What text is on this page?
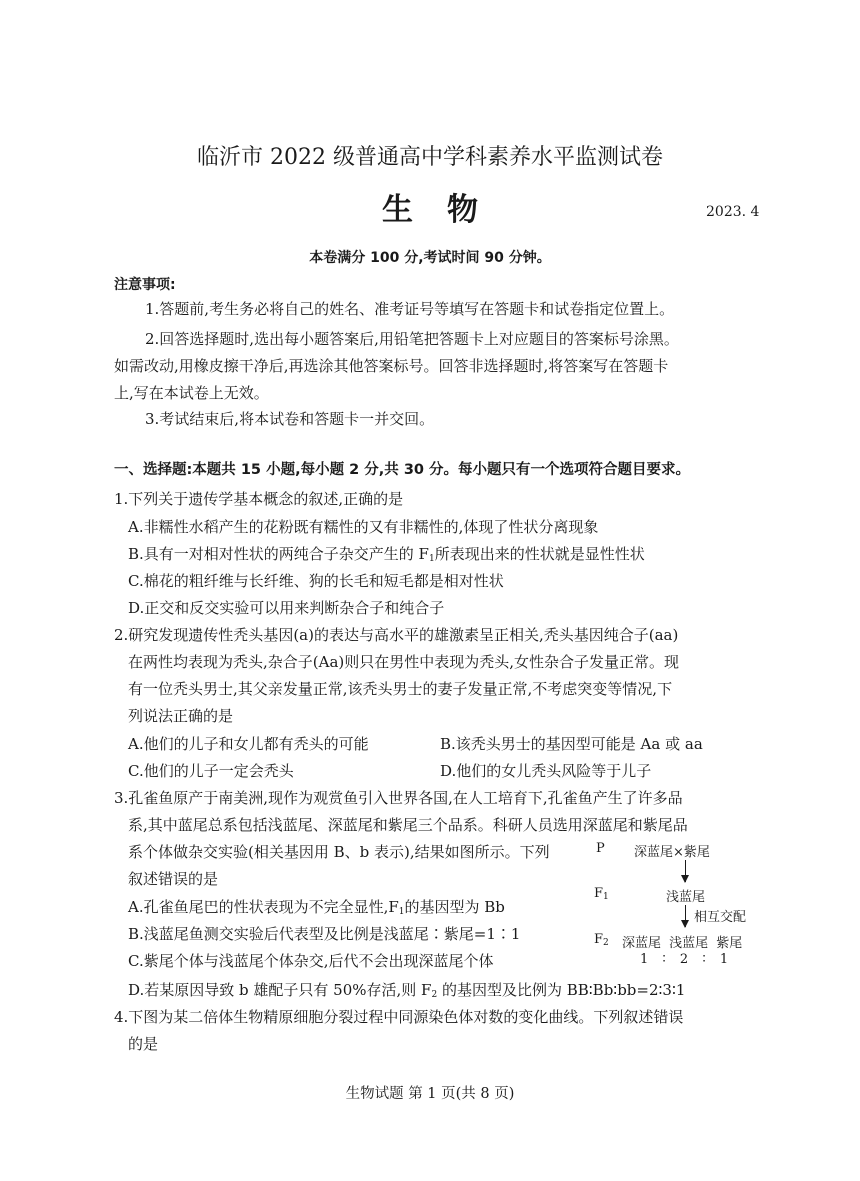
临沂市 2022 级普通高中学科素养水平监测试卷
生物	2023. 4
本卷满分 100 分,考试时间 90 分钟。
注意事项:
1.答题前,考生务必将自己的姓名、准考证号等填写在答题卡和试卷指定位置上。
2.回答选择题时,选出每小题答案后,用铅笔把答题卡上对应题目的答案标号涂黑。
如需改动,用橡皮擦干净后,再选涂其他答案标号。回答非选择题时,将答案写在答题卡
上,写在本试卷上无效。
3.考试结束后,将本试卷和答题卡一并交回。
一、选择题:本题共 15 小题,每小题 2 分,共 30 分。每小题只有一个选项符合题目要求。
1.下列关于遗传学基本概念的叙述,正确的是
A.非糯性水稻产生的花粉既有糯性的又有非糯性的,体现了性状分离现象
B.具有一对相对性状的两纯合子杂交产生的 $F_1$所表现出来的性状就是显性性状
C.棉花的粗纤维与长纤维、狗的长毛和短毛都是相对性状
D.正交和反交实验可以用来判断杂合子和纯合子
2.研究发现遗传性秃头基因(a)的表达与高水平的雄激素呈正相关,秃头基因纯合子(aa)
在两性均表现为秃头,杂合子(Aa)则只在男性中表现为秃头,女性杂合子发量正常。现
有一位秃头男士,其父亲发量正常,该秃头男士的妻子发量正常,不考虑突变等情况,下
列说法正确的是
A.他们的儿子和女儿都有秃头的可能	B.该秃头男士的基因型可能是 Aa 或 aa
C.他们的儿子一定会秃头	D.他们的女儿秃头风险等于儿子
3.孔雀鱼原产于南美洲,现作为观赏鱼引入世界各国,在人工培育下,孔雀鱼产生了许多品
系,其中蓝尾总系包括浅蓝尾、深蓝尾和紫尾三个品系。科研人员选用深蓝尾和紫尾品
系个体做杂交实验(相关基因用 B、b 表示),结果如图所示。下列
叙述错误的是
A.孔雀鱼尾巴的性状表现为不完全显性$,F_1$的基因型为 Bb
B.浅蓝尾鱼测交实验后代表型及比例是浅蓝尾∶紫尾=1∶1
C.紫尾个体与浅蓝尾个体杂交,后代不会出现深蓝尾个体
D.若某原因导致 b 雄配子只有 50%存活,则 $F_2$ 的基因型及比例为 BB∶Bb∶bb=2∶3∶1
P 深蓝尾×紫尾
$F_1$	浅蓝尾
相互交配
$F_2$ 深蓝尾 浅蓝尾 紫尾
1 ∶ 2 ∶ 1
4.下图为某二倍体生物精原细胞分裂过程中同源染色体对数的变化曲线。下列叙述错误
的是
生物试题 第 1 页(共 8 页)
